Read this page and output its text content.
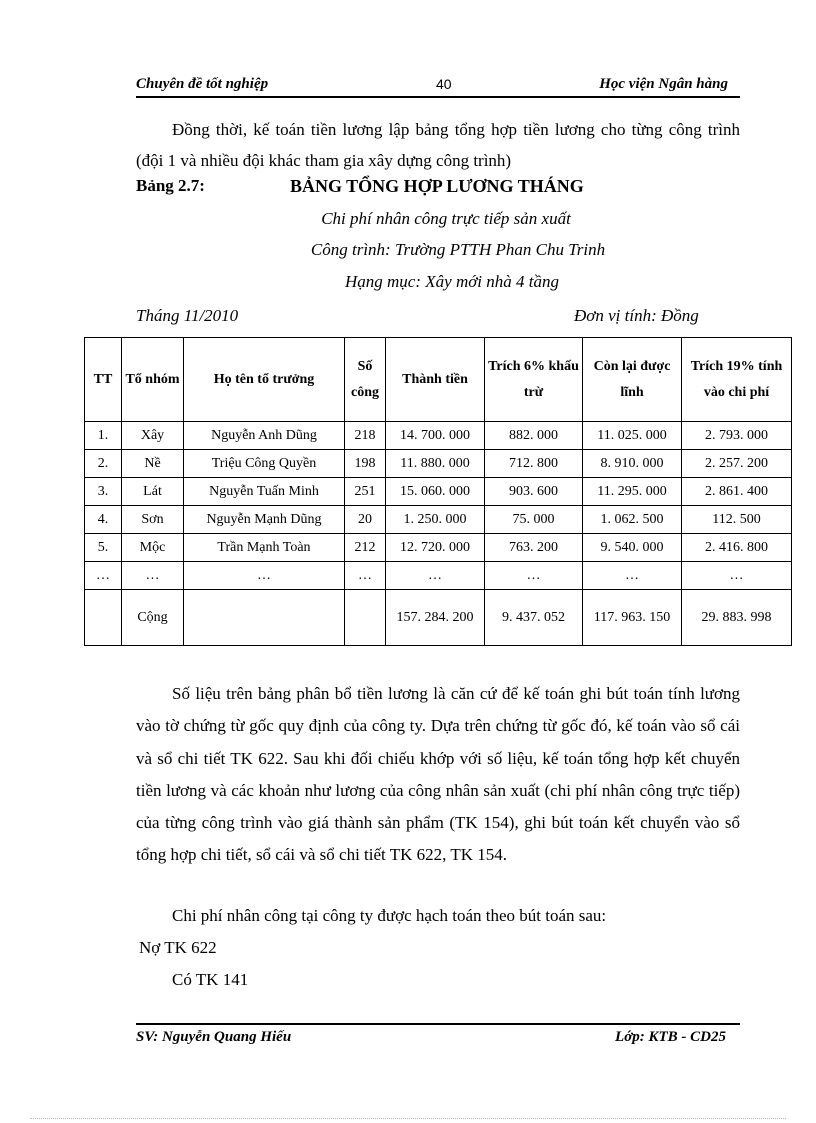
Chuyên đề tốt nghiệp	40	Học viện Ngân hàng
Đồng thời, kế toán tiền lương lập bảng tổng hợp tiền lương cho từng công trình (đội 1 và nhiều đội khác tham gia xây dựng công trình)
Bảng 2.7:	BẢNG TỔNG HỢP LƯƠNG THÁNG
Chi phí nhân công trực tiếp sản xuất
Công trình: Trường PTTH Phan Chu Trinh
Hạng mục: Xây mới nhà 4 tầng
Tháng 11/2010	Đơn vị tính: Đồng
TT	Tổ nhóm	Họ tên tổ trưởng	Số công	Thành tiền	Trích 6% khấu trừ	Còn lại được lĩnh	Trích 19% tính vào chi phí
1.	Xây	Nguyễn Anh Dũng	218	14. 700. 000	882. 000	11. 025. 000	2. 793. 000
2.	Nề	Triệu Công Quyền	198	11. 880. 000	712. 800	8. 910. 000	2. 257. 200
3.	Lát	Nguyễn Tuấn Minh	251	15. 060. 000	903. 600	11. 295. 000	2. 861. 400
4.	Sơn	Nguyễn Mạnh Dũng	20	1. 250. 000	75. 000	1. 062. 500	112. 500
5.	Mộc	Trần Mạnh Toàn	212	12. 720. 000	763. 200	9. 540. 000	2. 416. 800
…	…	…	…	…	…	…	…
	Cộng			157. 284. 200	9. 437. 052	117. 963. 150	29. 883. 998
Số liệu trên bảng phân bổ tiền lương là căn cứ để kế toán ghi bút toán tính lương vào tờ chứng từ gốc quy định của công ty. Dựa trên chứng từ gốc đó, kế toán vào sổ cái và sổ chi tiết TK 622. Sau khi đối chiếu khớp với số liệu, kế toán tổng hợp kết chuyển tiền lương và các khoản như lương của công nhân sản xuất (chi phí nhân công trực tiếp) của từng công trình vào giá thành sản phẩm (TK 154), ghi bút toán kết chuyển vào sổ tổng hợp chi tiết, sổ cái và sổ chi tiết TK 622, TK 154.
Chi phí nhân công tại công ty được hạch toán theo bút toán sau:
Nợ TK 622
Có TK 141
SV: Nguyễn Quang Hiếu	Lớp: KTB - CD25
